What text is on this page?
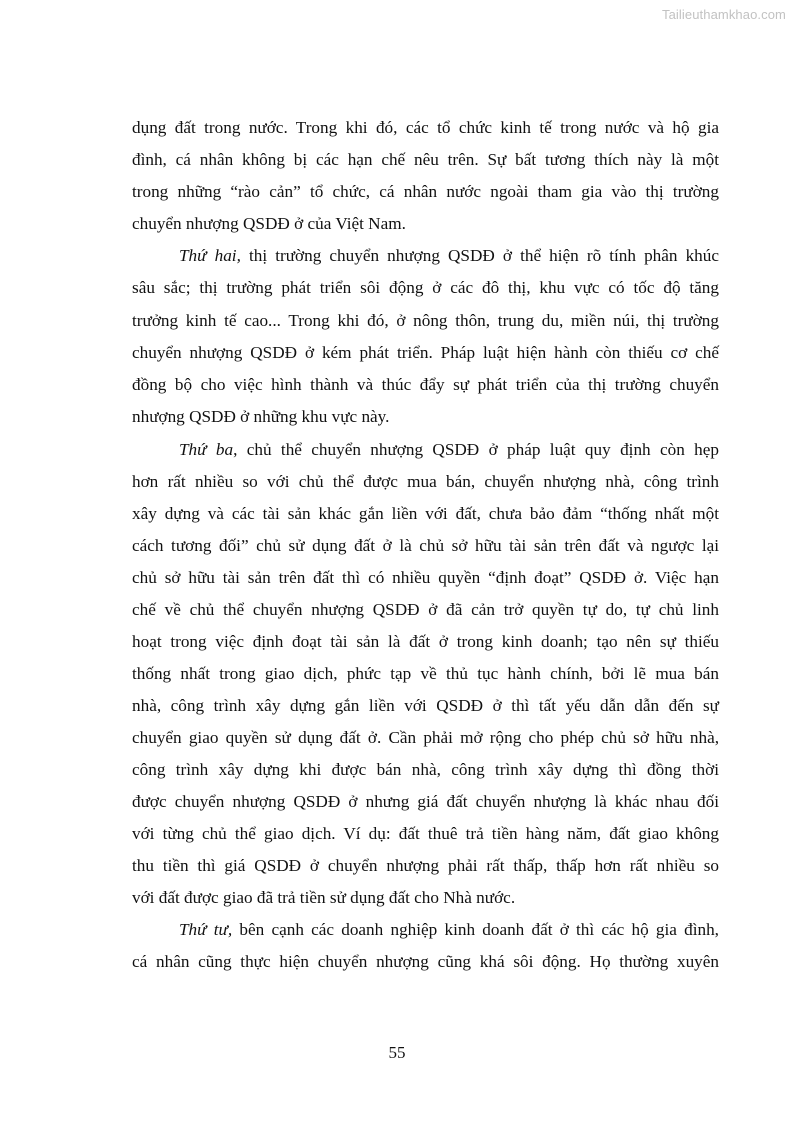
Tailieuthamkhao.com
dụng đất trong nước. Trong khi đó, các tổ chức kinh tế trong nước và hộ gia
đình, cá nhân không bị các hạn chế nêu trên. Sự bất tương thích này là một
trong những “rào cản” tổ chức, cá nhân nước ngoài tham gia vào thị trường
chuyển nhượng QSDĐ ở của Việt Nam.
Thứ hai, thị trường chuyển nhượng QSDĐ ở thể hiện rõ tính phân khúc
sâu sắc; thị trường phát triển sôi động ở các đô thị, khu vực có tốc độ tăng
trưởng kinh tế cao... Trong khi đó, ở nông thôn, trung du, miền núi, thị trường
chuyển nhượng QSDĐ ở kém phát triển. Pháp luật hiện hành còn thiếu cơ chế
đồng bộ cho việc hình thành và thúc đẩy sự phát triển của thị trường chuyển
nhượng QSDĐ ở những khu vực này.
Thứ ba, chủ thể chuyển nhượng QSDĐ ở pháp luật quy định còn hẹp
hơn rất nhiều so với chủ thể được mua bán, chuyển nhượng nhà, công trình
xây dựng và các tài sản khác gắn liền với đất, chưa bảo đảm “thống nhất một
cách tương đối” chủ sử dụng đất ở là chủ sở hữu tài sản trên đất và ngược lại
chủ sở hữu tài sản trên đất thì có nhiều quyền “định đoạt” QSDĐ ở. Việc hạn
chế về chủ thể chuyển nhượng QSDĐ ở đã cản trở quyền tự do, tự chủ linh
hoạt trong việc định đoạt tài sản là đất ở trong kinh doanh; tạo nên sự thiếu
thống nhất trong giao dịch, phức tạp về thủ tục hành chính, bởi lẽ mua bán
nhà, công trình xây dựng gắn liền với QSDĐ ở thì tất yếu dẫn dẫn đến sự
chuyển giao quyền sử dụng đất ở. Cần phải mở rộng cho phép chủ sở hữu nhà,
công trình xây dựng khi được bán nhà, công trình xây dựng thì đồng thời
được chuyển nhượng QSDĐ ở nhưng giá đất chuyển nhượng là khác nhau đối
với từng chủ thể giao dịch. Ví dụ: đất thuê trả tiền hàng năm, đất giao không
thu tiền thì giá QSDĐ ở chuyển nhượng phải rất thấp, thấp hơn rất nhiều so
với đất được giao đã trả tiền sử dụng đất cho Nhà nước.
Thứ tư, bên cạnh các doanh nghiệp kinh doanh đất ở thì các hộ gia đình,
cá nhân cũng thực hiện chuyển nhượng cũng khá sôi động. Họ thường xuyên
55
